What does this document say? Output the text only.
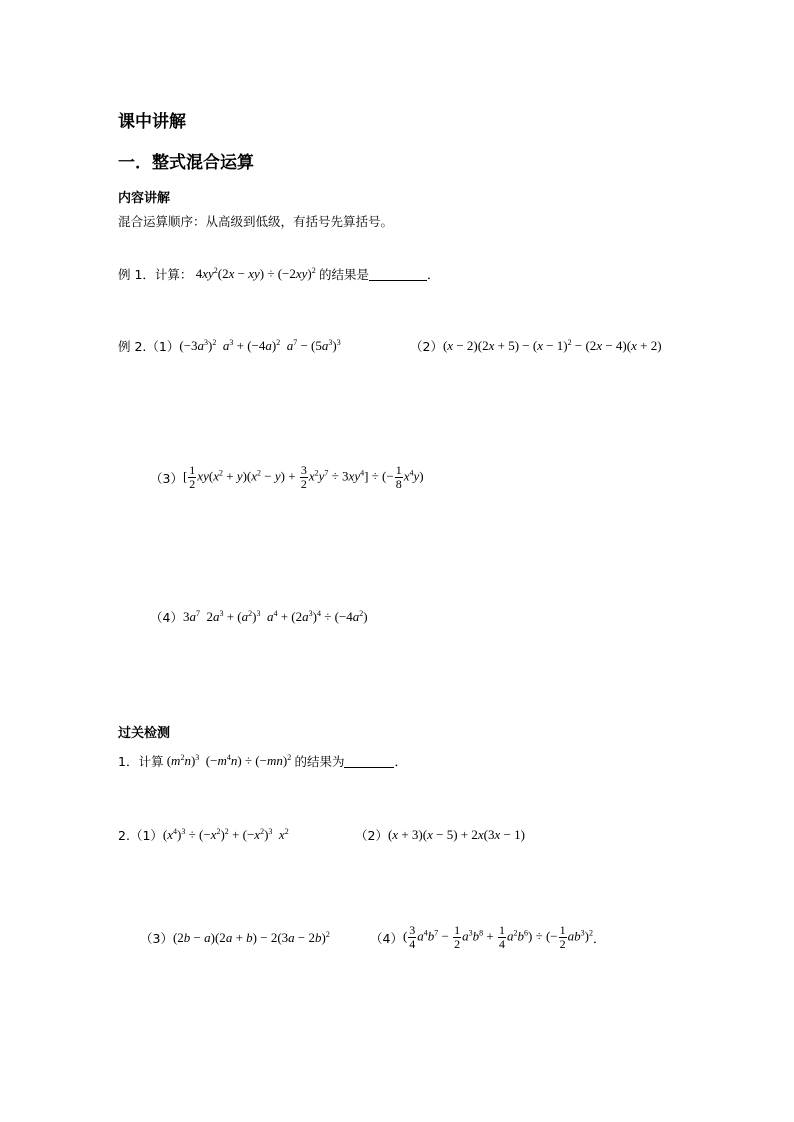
课中讲解
一．整式混合运算
内容讲解
混合运算顺序：从高级到低级，有括号先算括号。
例 1．计算： $4xy^2(2x - xy) \div (-2xy)^2$ 的结果是	．
例 2. （1） $(-3a^3)^2$ $a^3 + (-4a)^2$ $a^7 - (5a^3)^3$	（2） $(x - 2)(2x + 5) - (x - 1)^2 - (2x - 4)(x + 2)$
（3） [ $\frac{1}{2} xy(x^2 + y)(x^2 - y) + \frac{3}{2} x^2y^7 \div 3xy^4$] ÷ (− $\frac{1}{8} x^4y$)
（4） $3a^7$  $2a^3 + (a^2)^3$ $a^4 + (2a^3)^4 \div (-4a^2)$
过关检测
1．计算 $(m^2n)^3$  $(-m^4n) \div (-mn)^2$ 的结果为	．
2. （1） $(x^4)^3 \div (-x^2)^2 + (-x^2)^3$ $x^2$	（2） (x + 3)(x − 5) + 2x(3x − 1)
（3） $(2b - a)(2a + b) - 2(3a - 2b)^2$	（4） ( $\frac{3}{4} a^4b^7 - \frac{1}{2} a^3b^8 + \frac{1}{4} a^2b^6$) ÷ (− $\frac{1}{2} ab^3)^2$ ．
